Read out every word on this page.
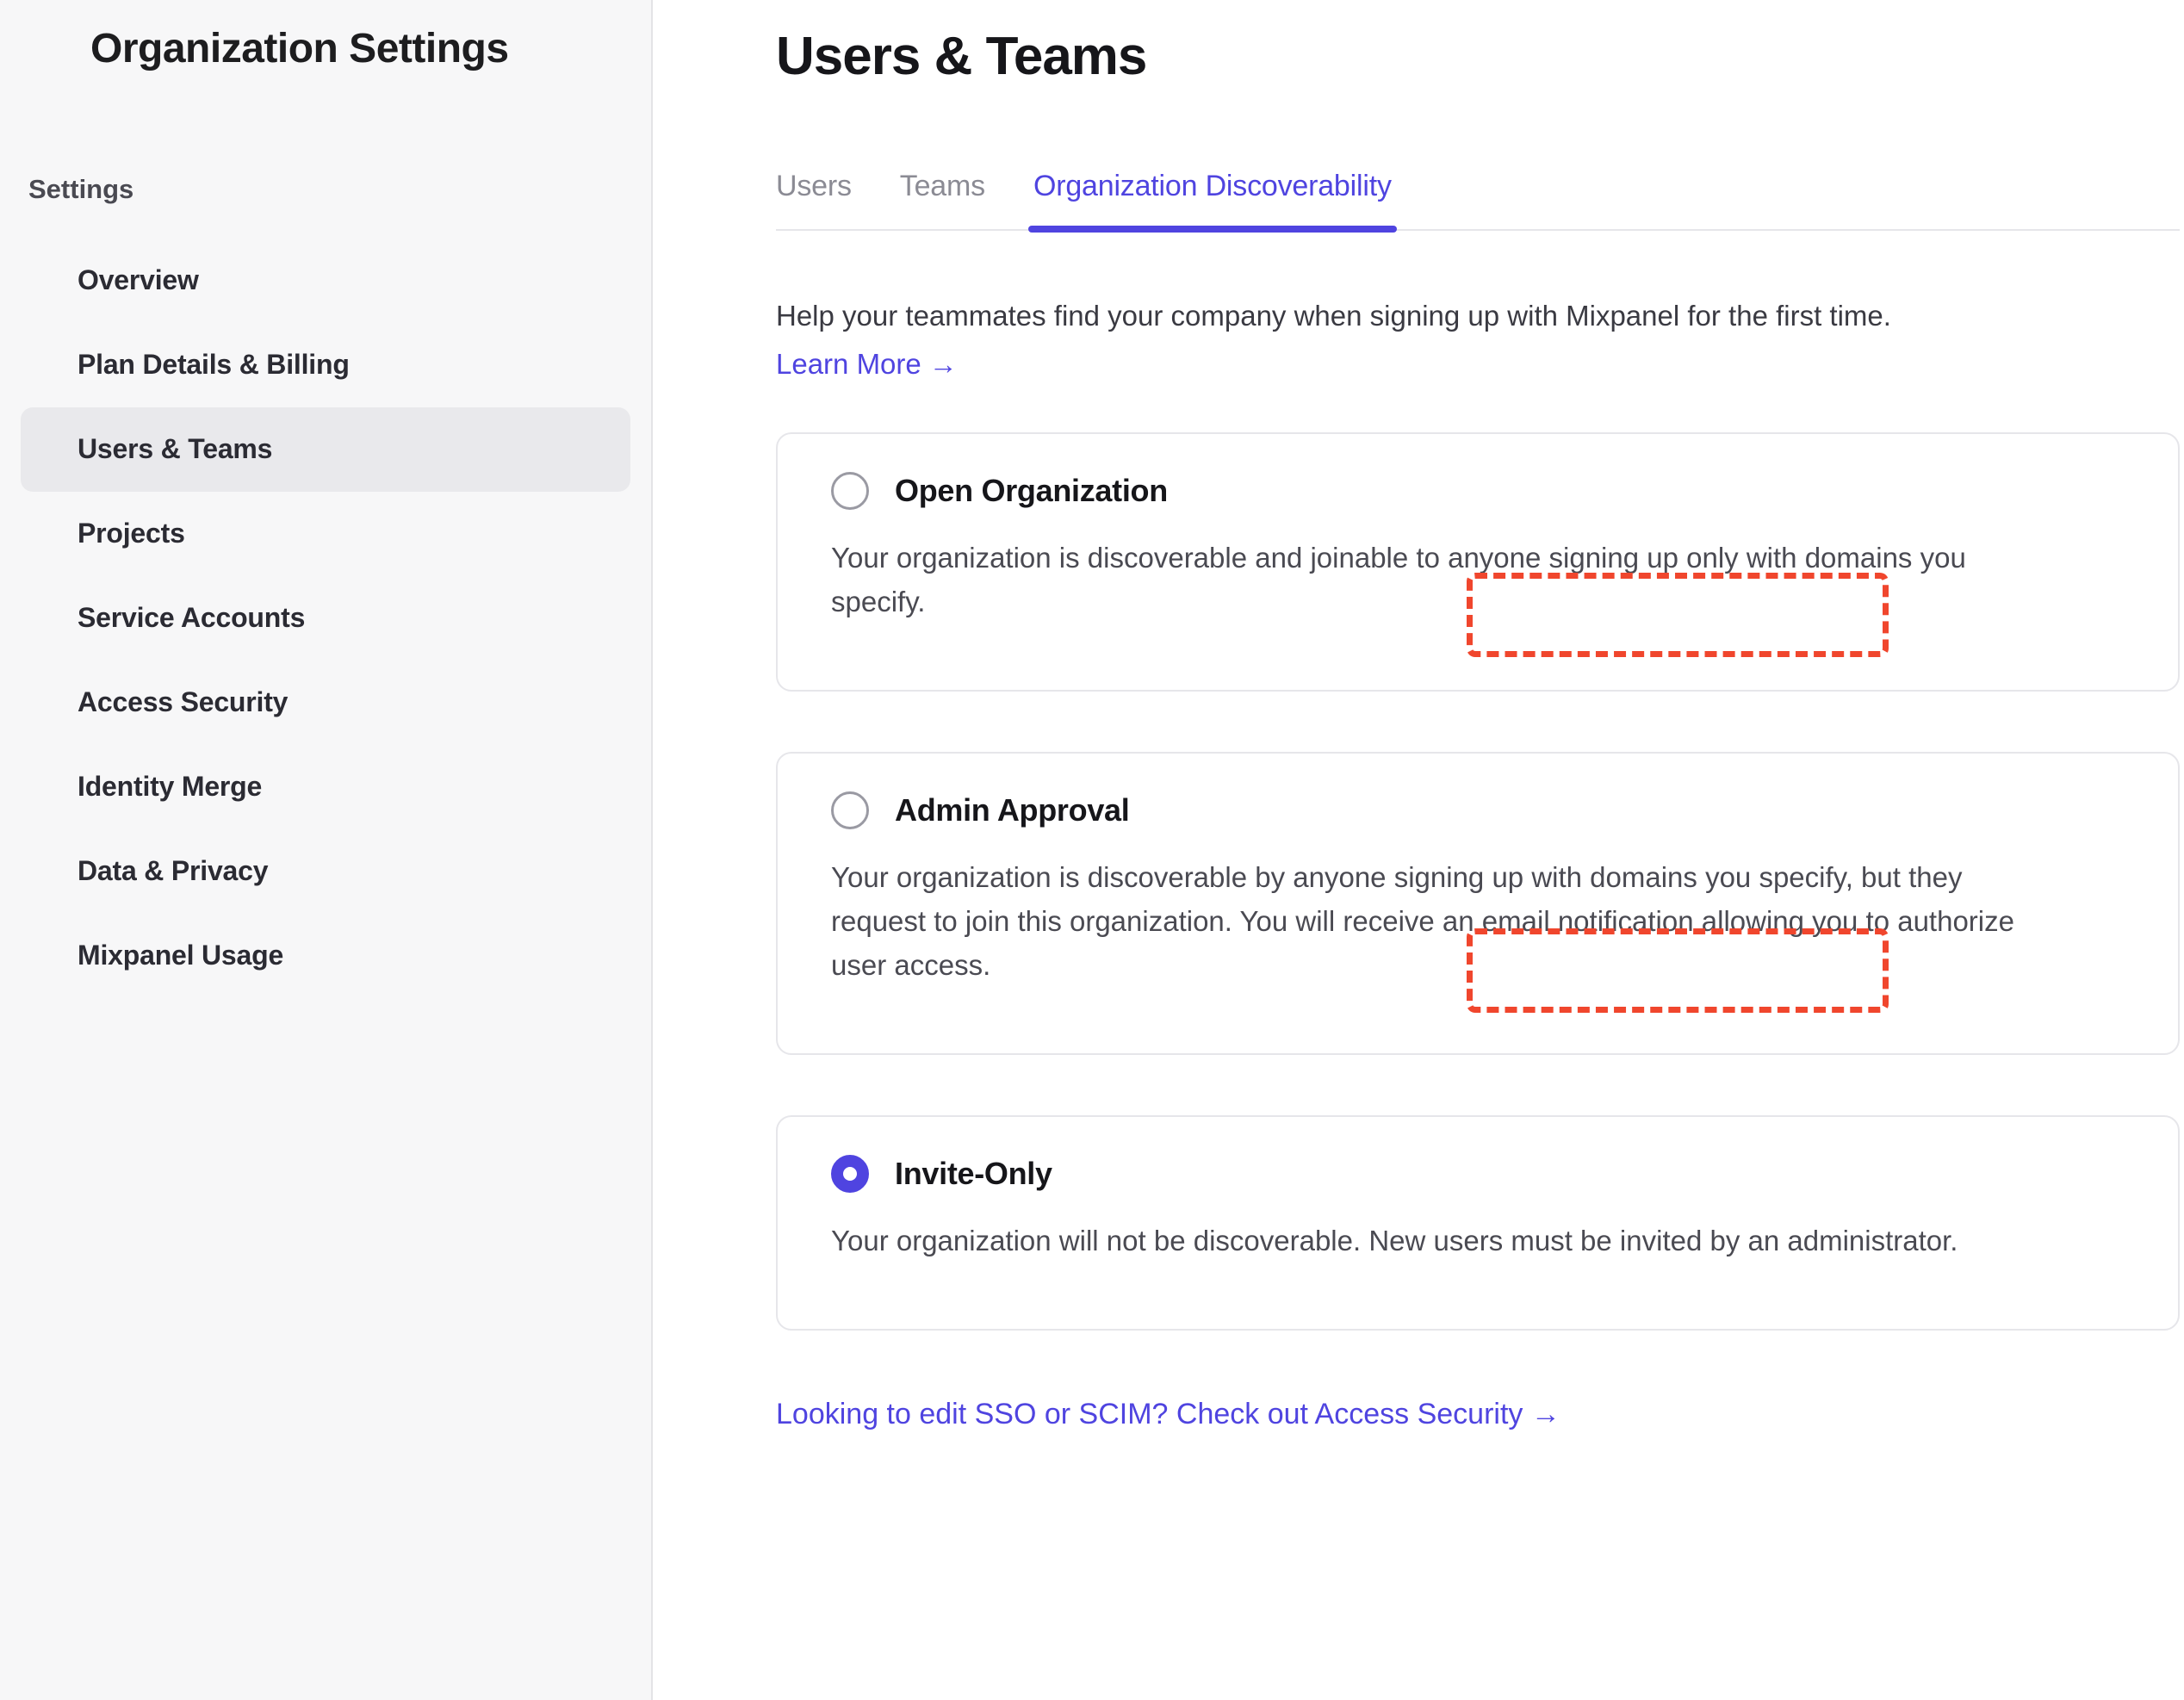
Organization Settings
Settings
Overview
Plan Details & Billing
Users & Teams
Projects
Service Accounts
Access Security
Identity Merge
Data & Privacy
Mixpanel Usage
Users & Teams
Users	Teams	Organization Discoverability

Help your teammates find your company when signing up with Mixpanel for the first time.

Learn More →
Open Organization

Your organization is discoverable and joinable to anyone signing up only with domains you specify.

Admin Approval

Your organization is discoverable by anyone signing up with domains you specify, but they request to join this organization. You will receive an email notification allowing you to authorize user access.

Invite-Only

Your organization will not be discoverable. New users must be invited by an administrator.

Looking to edit SSO or SCIM? Check out Access Security →
